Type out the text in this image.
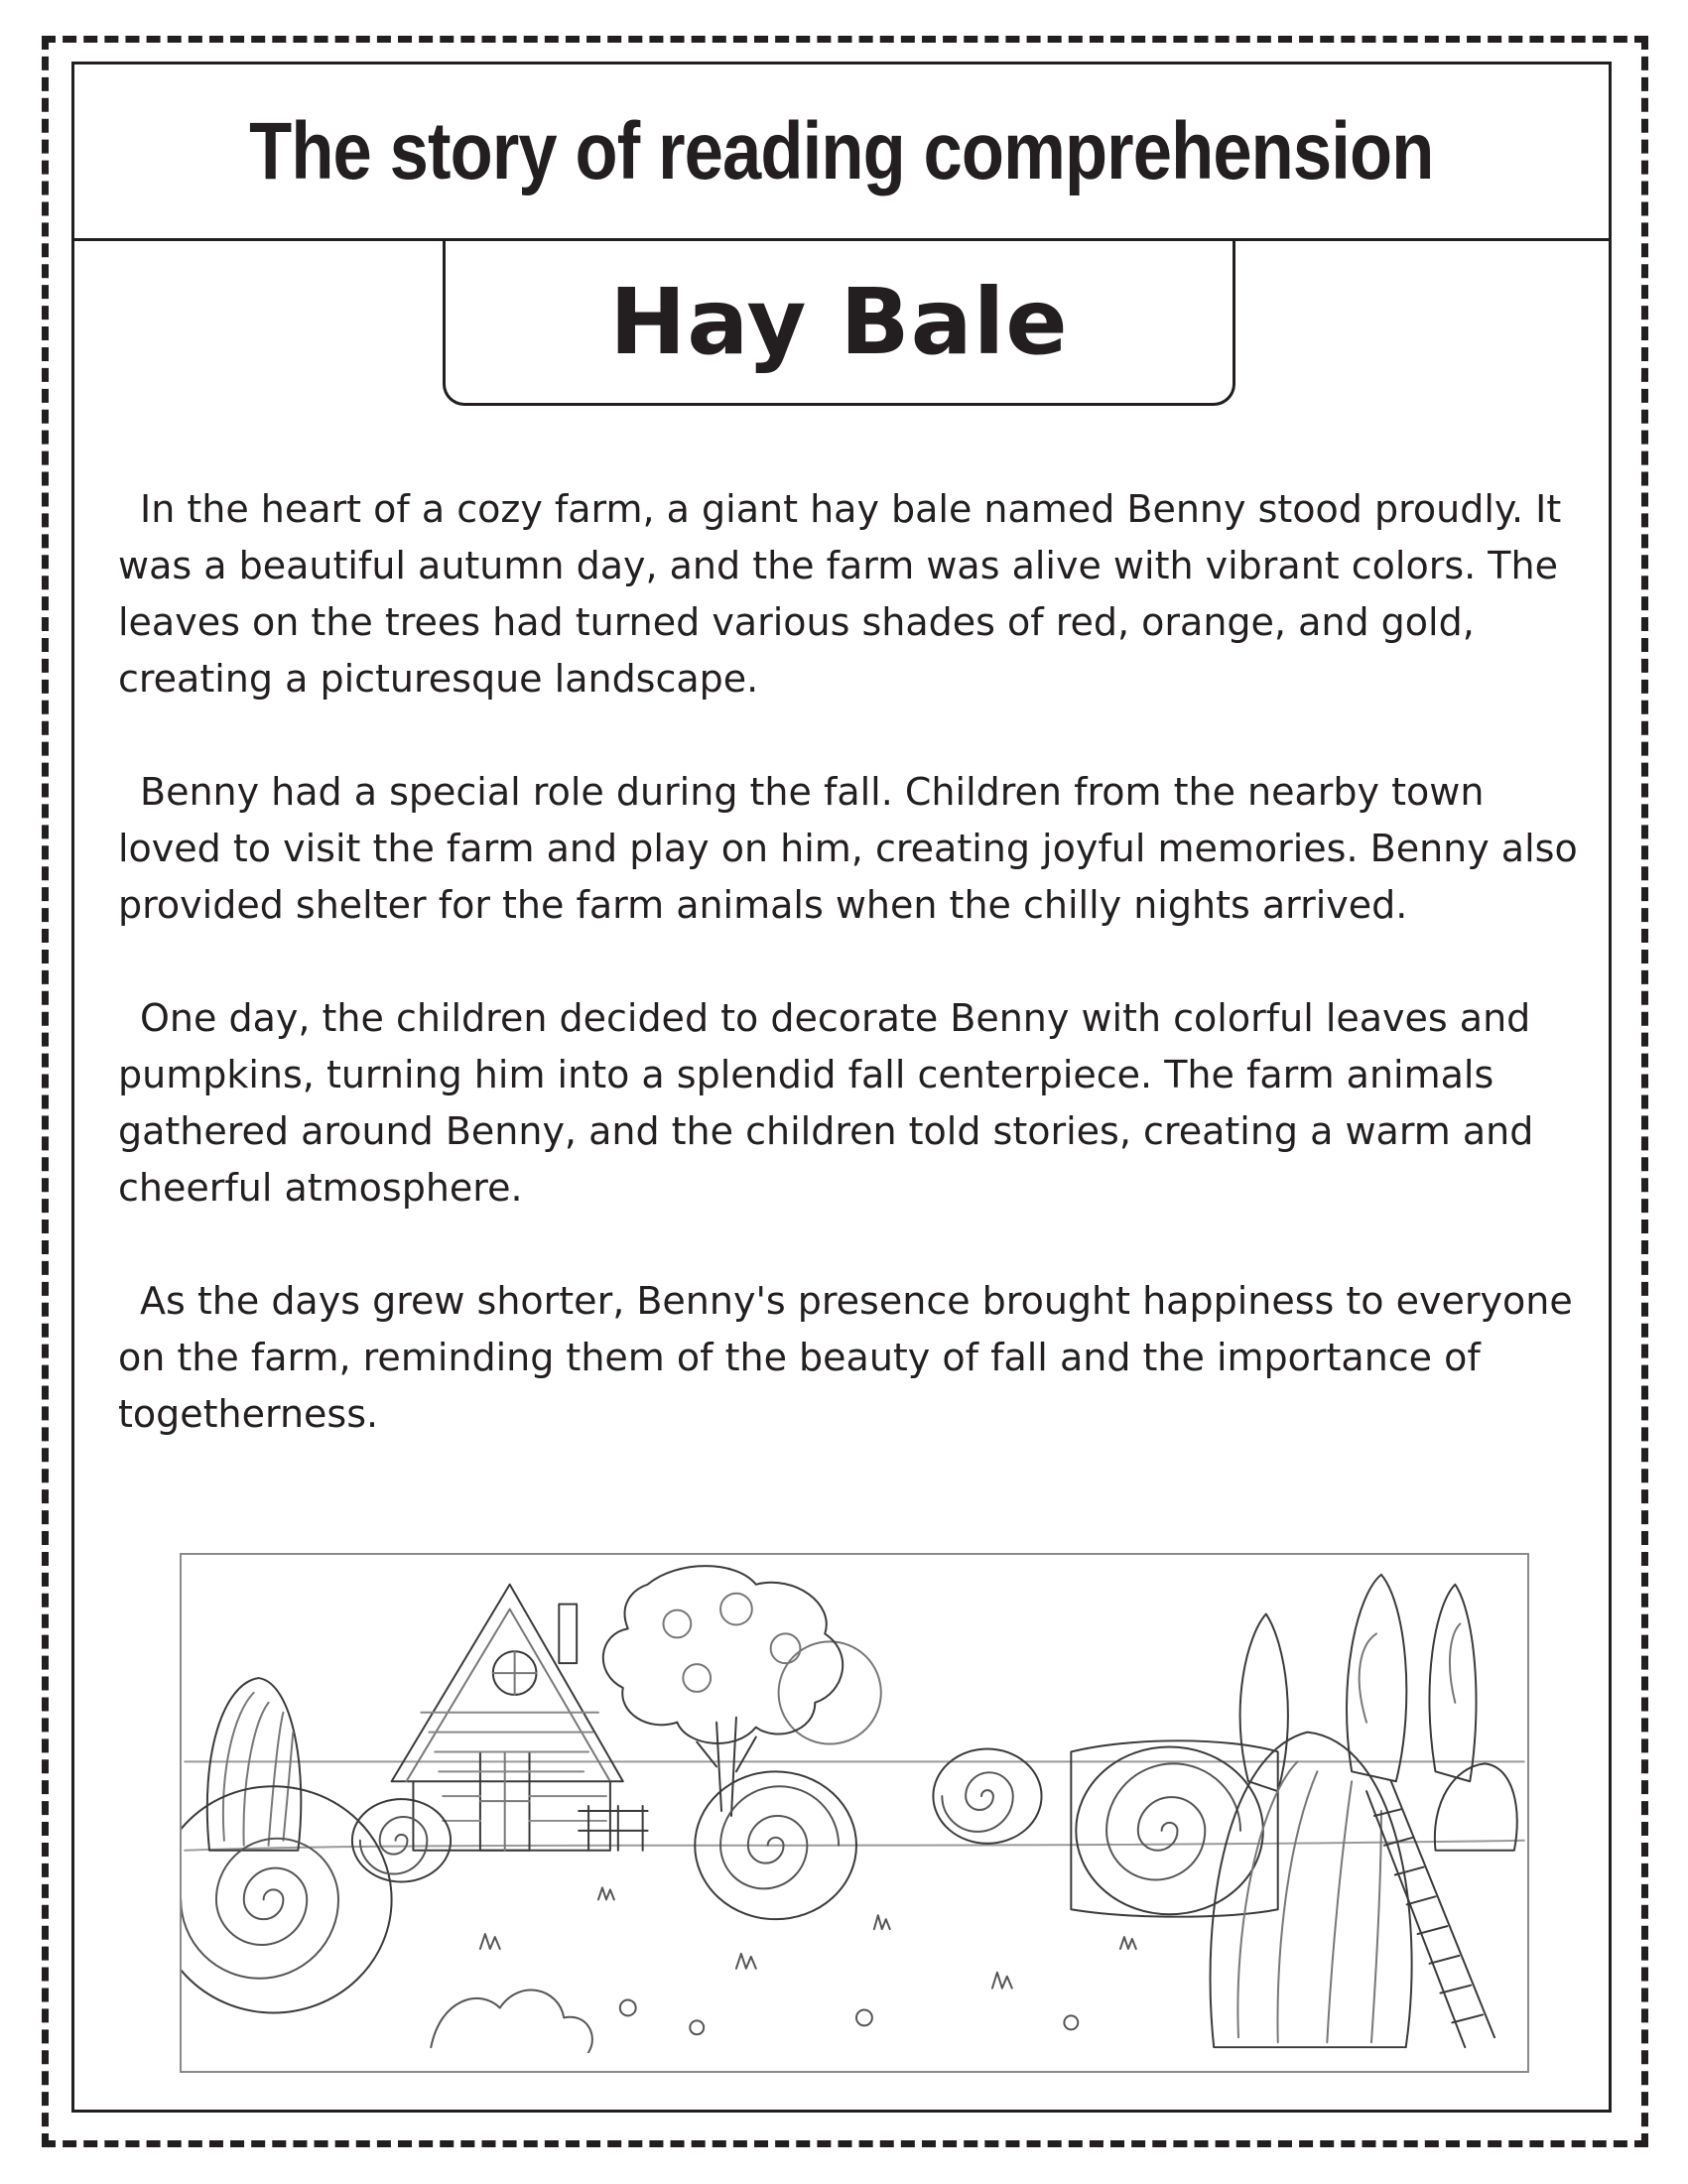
The story of reading comprehension
Hay Bale

In the heart of a cozy farm, a giant hay bale named Benny stood proudly. It was a beautiful autumn day, and the farm was alive with vibrant colors. The leaves on the trees had turned various shades of red, orange, and gold, creating a picturesque landscape.

Benny had a special role during the fall. Children from the nearby town loved to visit the farm and play on him, creating joyful memories. Benny also provided shelter for the farm animals when the chilly nights arrived.

One day, the children decided to decorate Benny with colorful leaves and pumpkins, turning him into a splendid fall centerpiece. The farm animals gathered around Benny, and the children told stories, creating a warm and cheerful atmosphere.

As the days grew shorter, Benny's presence brought happiness to everyone on the farm, reminding them of the beauty of fall and the importance of togetherness.
